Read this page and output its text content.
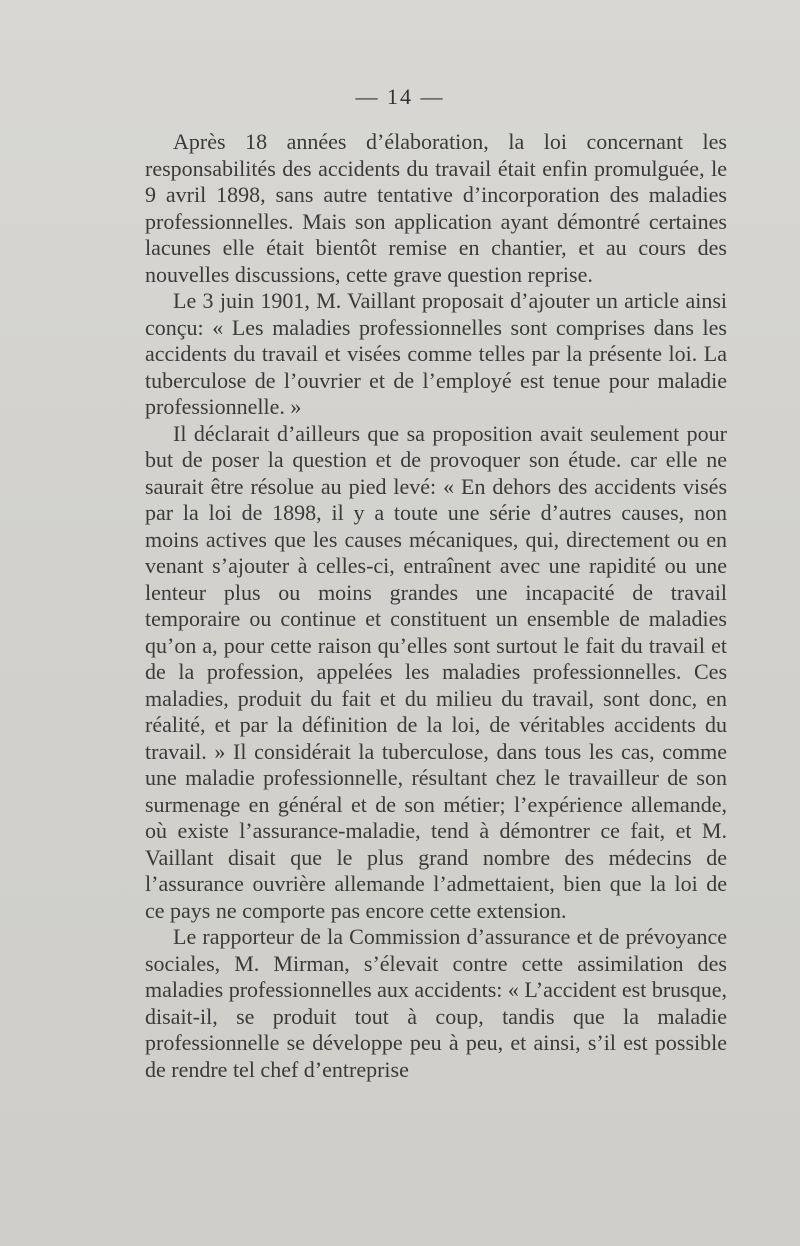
— 14 —

Après 18 années d’élaboration, la loi concernant les responsabilités des accidents du travail était enfin promulguée, le 9 avril 1898, sans autre tentative d’incorporation des maladies professionnelles. Mais son application ayant démontré certaines lacunes elle était bientôt remise en chantier, et au cours des nouvelles discussions, cette grave question reprise.

Le 3 juin 1901, M. Vaillant proposait d’ajouter un article ainsi conçu: « Les maladies professionnelles sont comprises dans les accidents du travail et visées comme telles par la présente loi. La tuberculose de l’ouvrier et de l’employé est tenue pour maladie professionnelle. »

Il déclarait d’ailleurs que sa proposition avait seulement pour but de poser la question et de provoquer son étude. car elle ne saurait être résolue au pied levé: « En dehors des accidents visés par la loi de 1898, il y a toute une série d’autres causes, non moins actives que les causes mécaniques, qui, directement ou en venant s’ajouter à celles-ci, entraînent avec une rapidité ou une lenteur plus ou moins grandes une incapacité de travail temporaire ou continue et constituent un ensemble de maladies qu’on a, pour cette raison qu’elles sont surtout le fait du travail et de la profession, appelées les maladies professionnelles. Ces maladies, produit du fait et du milieu du travail, sont donc, en réalité, et par la définition de la loi, de véritables accidents du travail. » Il considérait la tuberculose, dans tous les cas, comme une maladie professionnelle, résultant chez le travailleur de son surmenage en général et de son métier; l’expérience allemande, où existe l’assurance-maladie, tend à démontrer ce fait, et M. Vaillant disait que le plus grand nombre des médecins de l’assurance ouvrière allemande l’admettaient, bien que la loi de ce pays ne comporte pas encore cette extension.

Le rapporteur de la Commission d’assurance et de prévoyance sociales, M. Mirman, s’élevait contre cette assimilation des maladies professionnelles aux accidents: « L’accident est brusque, disait-il, se produit tout à coup, tandis que la maladie professionnelle se développe peu à peu, et ainsi, s’il est possible de rendre tel chef d’entreprise
